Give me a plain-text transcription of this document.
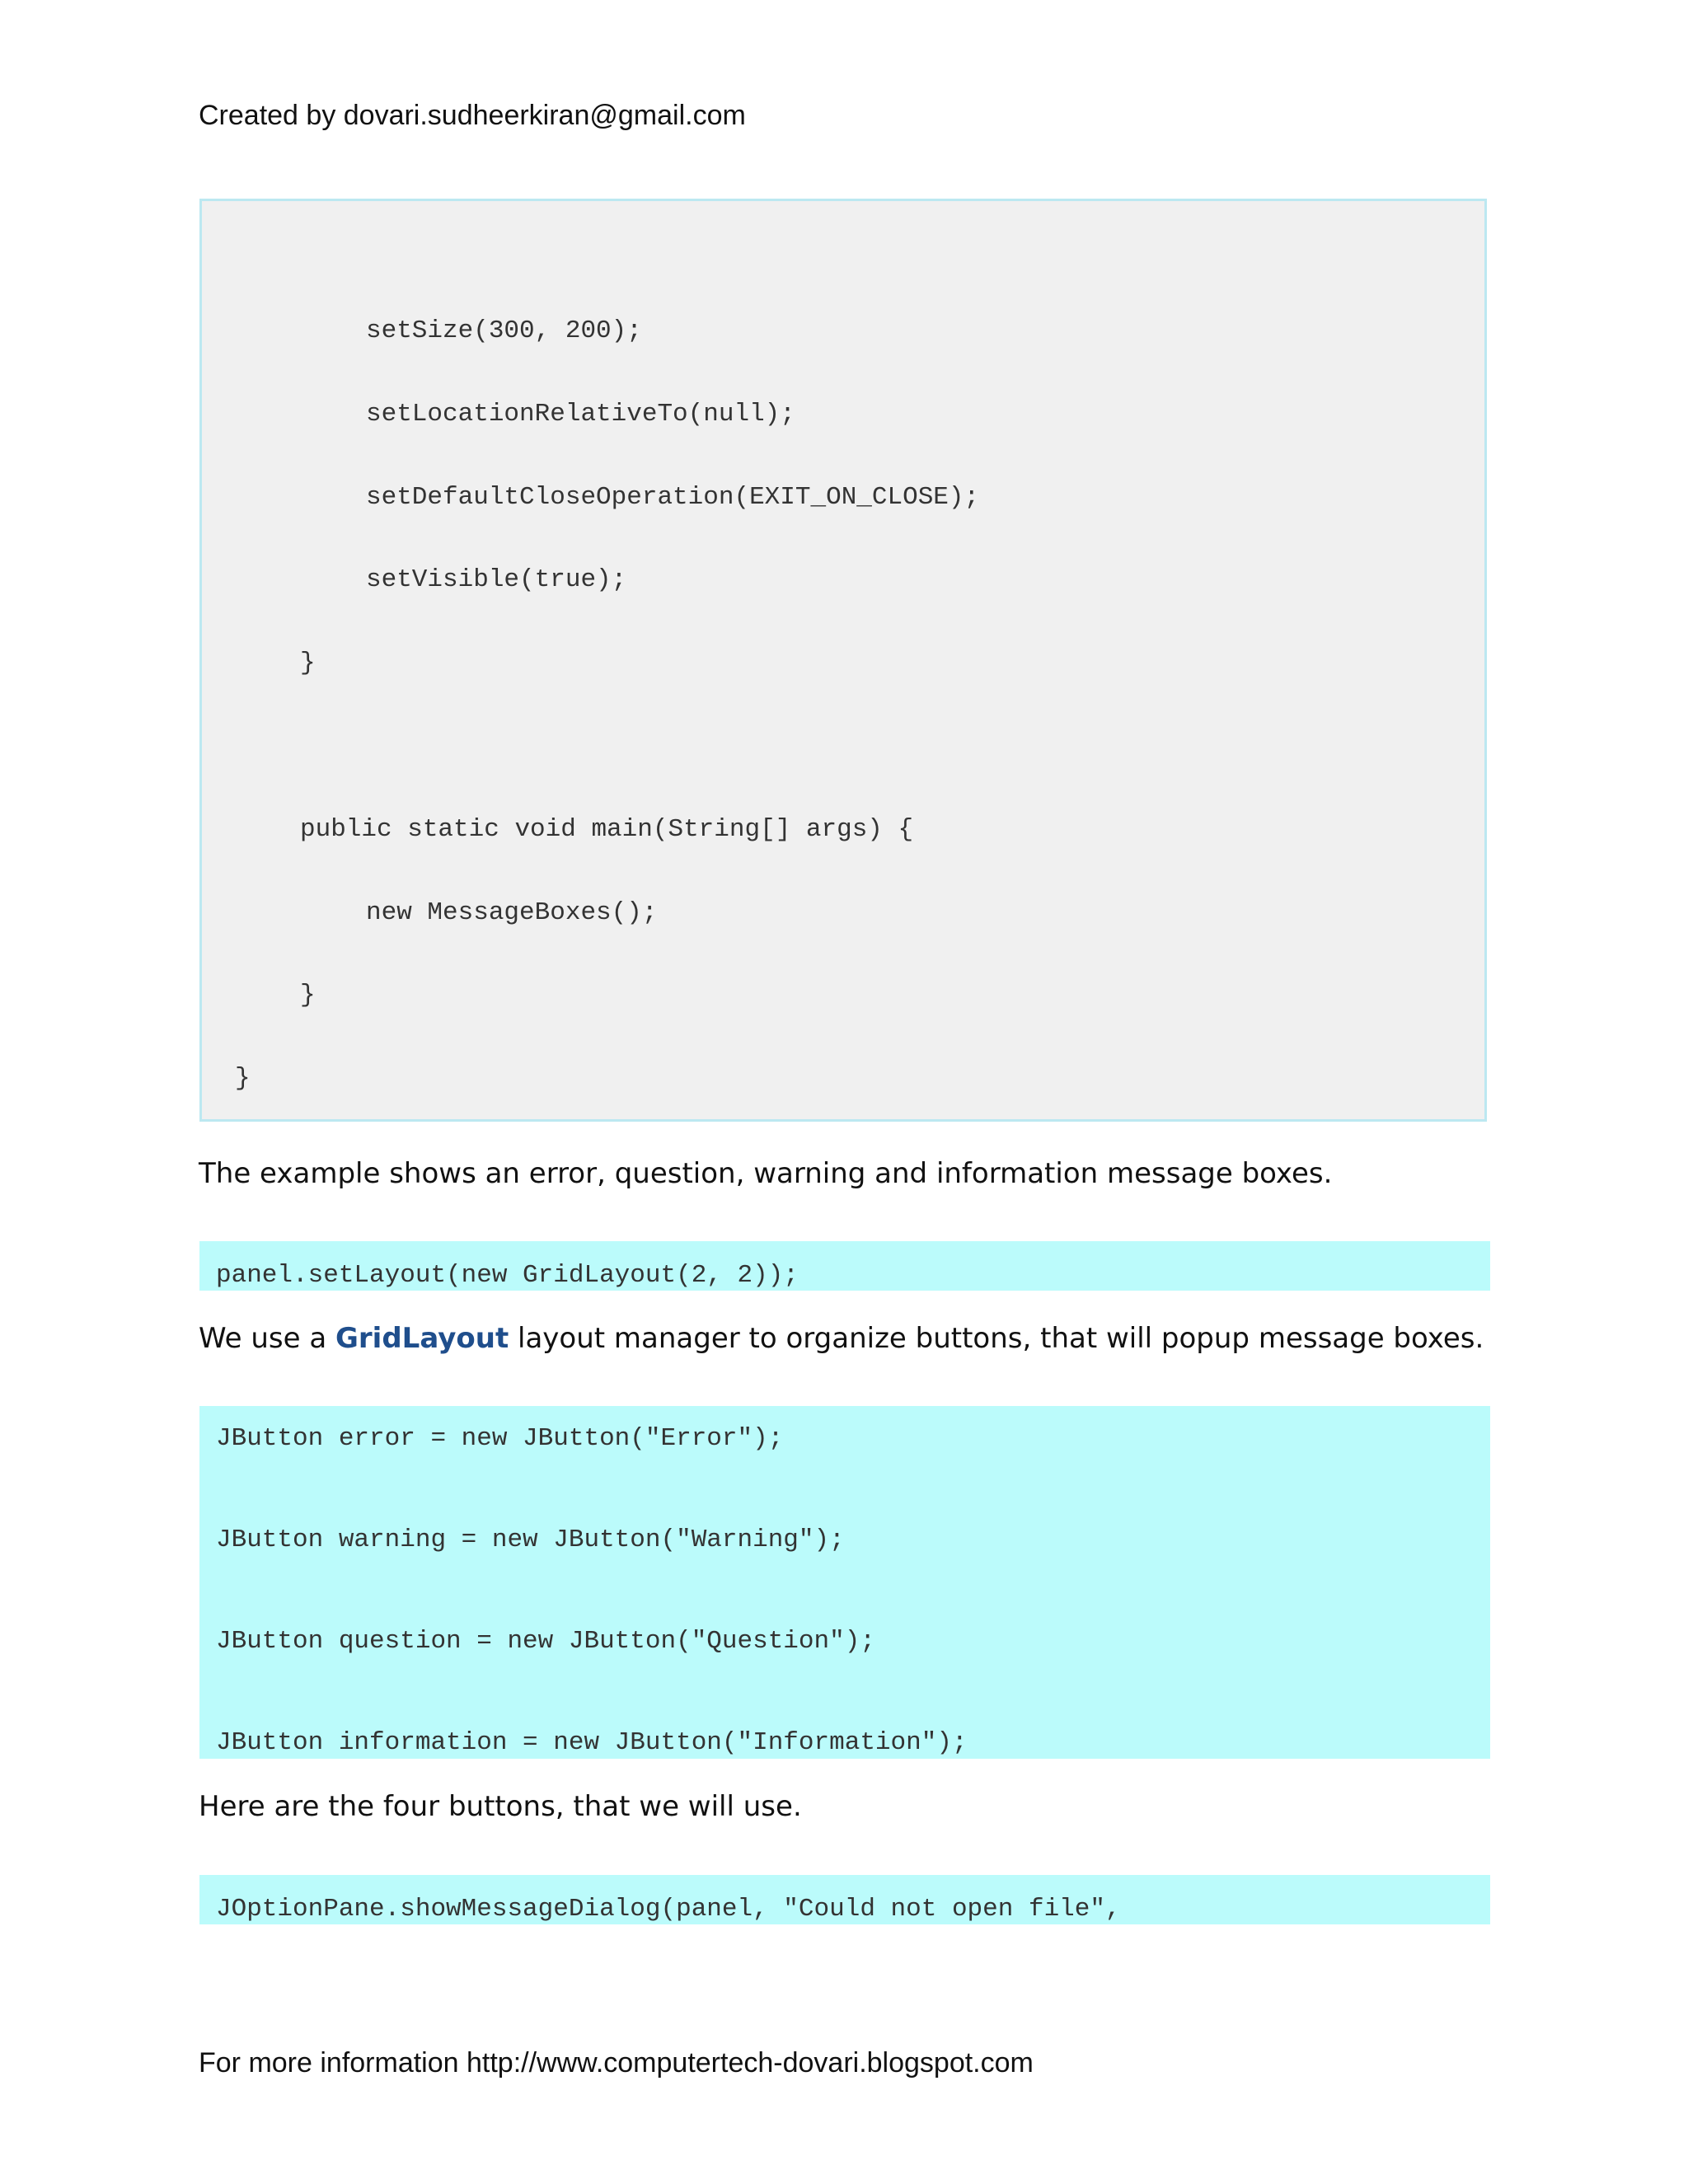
Created by dovari.sudheerkiran@gmail.com
setSize(300, 200);
setLocationRelativeTo(null);
setDefaultCloseOperation(EXIT_ON_CLOSE);
setVisible(true);
}
public static void main(String[] args) {
new MessageBoxes();
}
}
The example shows an error, question, warning and information message boxes.
panel.setLayout(new GridLayout(2, 2));
We use a GridLayout layout manager to organize buttons, that will popup message boxes.
JButton error = new JButton("Error");
JButton warning = new JButton("Warning");
JButton question = new JButton("Question");
JButton information = new JButton("Information");
Here are the four buttons, that we will use.
JOptionPane.showMessageDialog(panel, "Could not open file",
For more information http://www.computertech-dovari.blogspot.com
